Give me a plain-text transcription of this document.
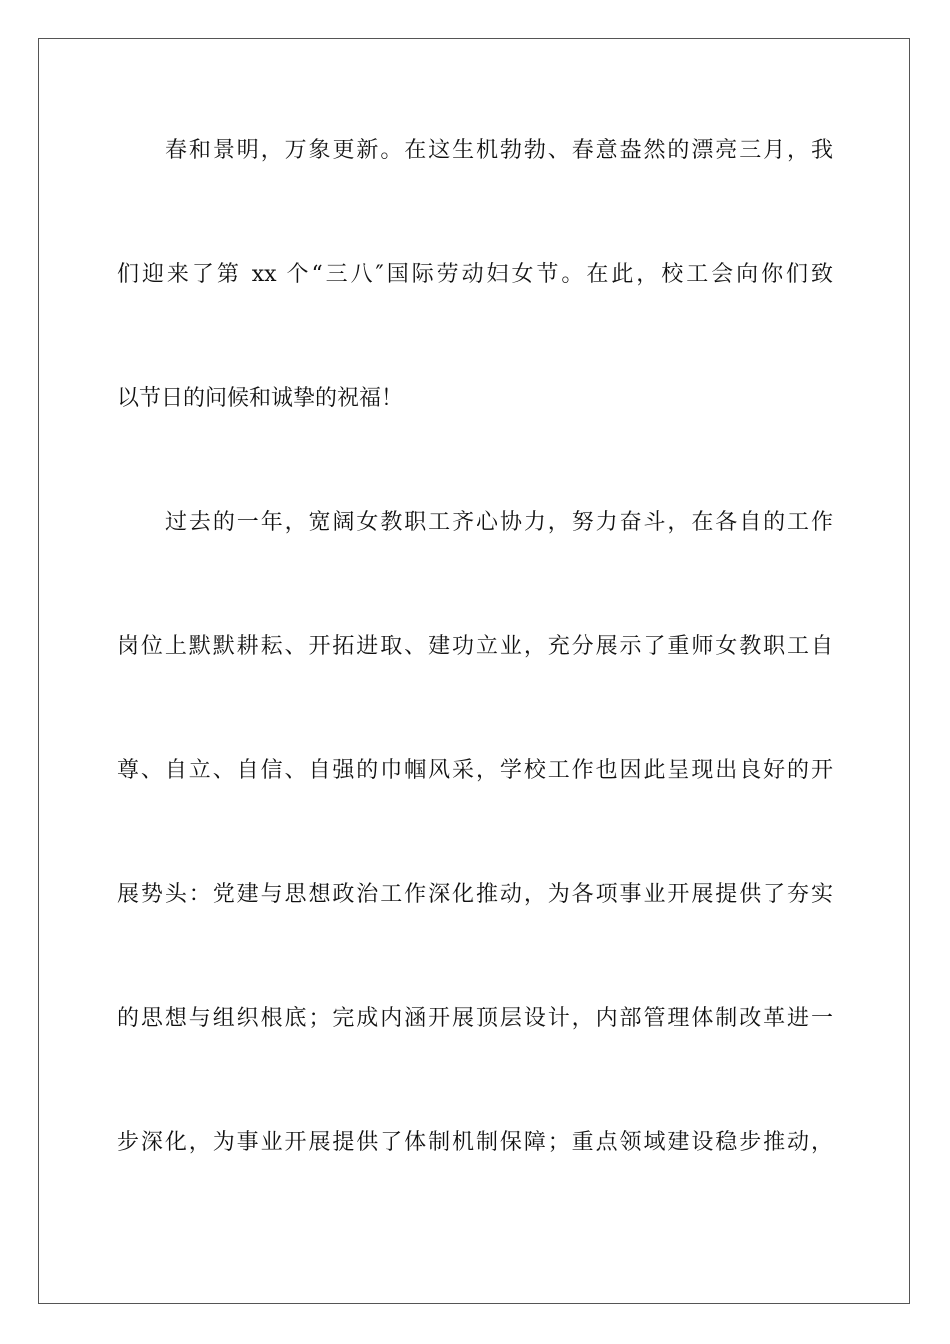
春和景明，万象更新。在这生机勃勃、春意盎然的漂亮三月，我
们迎来了第 xx 个“三八″国际劳动妇女节。在此，校工会向你们致
以节日的问候和诚挚的祝福！
过去的一年，宽阔女教职工齐心协力，努力奋斗，在各自的工作
岗位上默默耕耘、开拓进取、建功立业，充分展示了重师女教职工自
尊、自立、自信、自强的巾帼风采，学校工作也因此呈现出良好的开
展势头：党建与思想政治工作深化推动，为各项事业开展提供了夯实
的思想与组织根底；完成内涵开展顶层设计，内部管理体制改革进一
步深化，为事业开展提供了体制机制保障；重点领域建设稳步推动，
